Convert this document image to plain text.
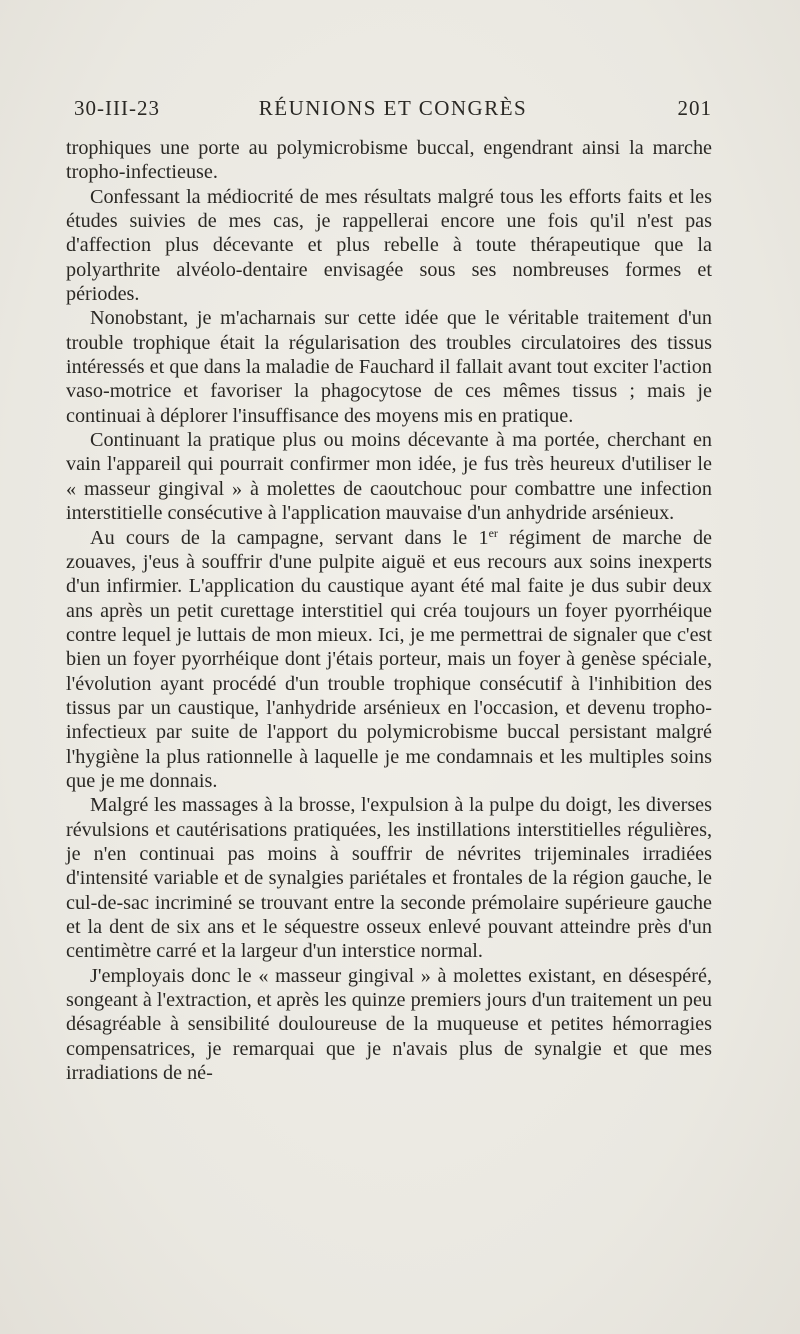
30-III-23	RÉUNIONS ET CONGRÈS	201

trophiques une porte au polymicrobisme buccal, engendrant ainsi la marche tropho-infectieuse.

Confessant la médiocrité de mes résultats malgré tous les efforts faits et les études suivies de mes cas, je rappellerai encore une fois qu'il n'est pas d'affection plus décevante et plus rebelle à toute thérapeutique que la polyarthrite alvéolo-dentaire envisagée sous ses nombreuses formes et périodes.

Nonobstant, je m'acharnais sur cette idée que le véritable traitement d'un trouble trophique était la régularisation des troubles circulatoires des tissus intéressés et que dans la maladie de Fauchard il fallait avant tout exciter l'action vaso-motrice et favoriser la phagocytose de ces mêmes tissus ; mais je continuai à déplorer l'insuffisance des moyens mis en pratique.

Continuant la pratique plus ou moins décevante à ma portée, cherchant en vain l'appareil qui pourrait confirmer mon idée, je fus très heureux d'utiliser le « masseur gingival » à molettes de caoutchouc pour combattre une infection interstitielle consécutive à l'application mauvaise d'un anhydride arsénieux.

Au cours de la campagne, servant dans le 1er régiment de marche de zouaves, j'eus à souffrir d'une pulpite aiguë et eus recours aux soins inexperts d'un infirmier. L'application du caustique ayant été mal faite je dus subir deux ans après un petit curettage interstitiel qui créa toujours un foyer pyorrhéique contre lequel je luttais de mon mieux. Ici, je me permettrai de signaler que c'est bien un foyer pyorrhéique dont j'étais porteur, mais un foyer à genèse spéciale, l'évolution ayant procédé d'un trouble trophique consécutif à l'inhibition des tissus par un caustique, l'anhydride arsénieux en l'occasion, et devenu tropho-infectieux par suite de l'apport du polymicrobisme buccal persistant malgré l'hygiène la plus rationnelle à laquelle je me condamnais et les multiples soins que je me donnais.

Malgré les massages à la brosse, l'expulsion à la pulpe du doigt, les diverses révulsions et cautérisations pratiquées, les instillations interstitielles régulières, je n'en continuai pas moins à souffrir de névrites trijeminales irradiées d'intensité variable et de synalgies pariétales et frontales de la région gauche, le cul-de-sac incriminé se trouvant entre la seconde prémolaire supérieure gauche et la dent de six ans et le séquestre osseux enlevé pouvant atteindre près d'un centimètre carré et la largeur d'un interstice normal.

J'employais donc le « masseur gingival » à molettes existant, en désespéré, songeant à l'extraction, et après les quinze premiers jours d'un traitement un peu désagréable à sensibilité douloureuse de la muqueuse et petites hémorragies compensatrices, je remarquai que je n'avais plus de synalgie et que mes irradiations de né-
